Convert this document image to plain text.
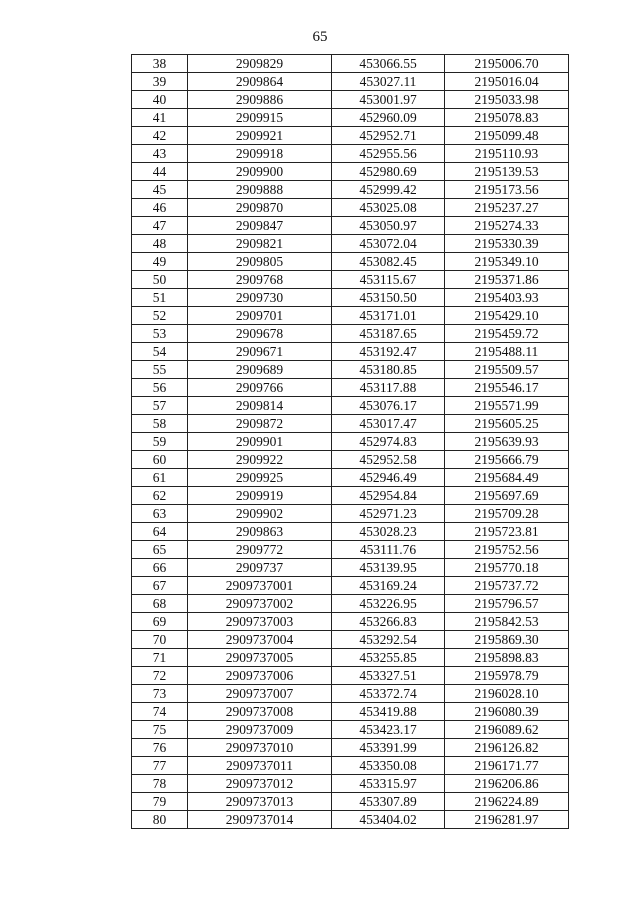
65
38	2909829	453066.55	2195006.70
39	2909864	453027.11	2195016.04
40	2909886	453001.97	2195033.98
41	2909915	452960.09	2195078.83
42	2909921	452952.71	2195099.48
43	2909918	452955.56	2195110.93
44	2909900	452980.69	2195139.53
45	2909888	452999.42	2195173.56
46	2909870	453025.08	2195237.27
47	2909847	453050.97	2195274.33
48	2909821	453072.04	2195330.39
49	2909805	453082.45	2195349.10
50	2909768	453115.67	2195371.86
51	2909730	453150.50	2195403.93
52	2909701	453171.01	2195429.10
53	2909678	453187.65	2195459.72
54	2909671	453192.47	2195488.11
55	2909689	453180.85	2195509.57
56	2909766	453117.88	2195546.17
57	2909814	453076.17	2195571.99
58	2909872	453017.47	2195605.25
59	2909901	452974.83	2195639.93
60	2909922	452952.58	2195666.79
61	2909925	452946.49	2195684.49
62	2909919	452954.84	2195697.69
63	2909902	452971.23	2195709.28
64	2909863	453028.23	2195723.81
65	2909772	453111.76	2195752.56
66	2909737	453139.95	2195770.18
67	2909737001	453169.24	2195737.72
68	2909737002	453226.95	2195796.57
69	2909737003	453266.83	2195842.53
70	2909737004	453292.54	2195869.30
71	2909737005	453255.85	2195898.83
72	2909737006	453327.51	2195978.79
73	2909737007	453372.74	2196028.10
74	2909737008	453419.88	2196080.39
75	2909737009	453423.17	2196089.62
76	2909737010	453391.99	2196126.82
77	2909737011	453350.08	2196171.77
78	2909737012	453315.97	2196206.86
79	2909737013	453307.89	2196224.89
80	2909737014	453404.02	2196281.97
